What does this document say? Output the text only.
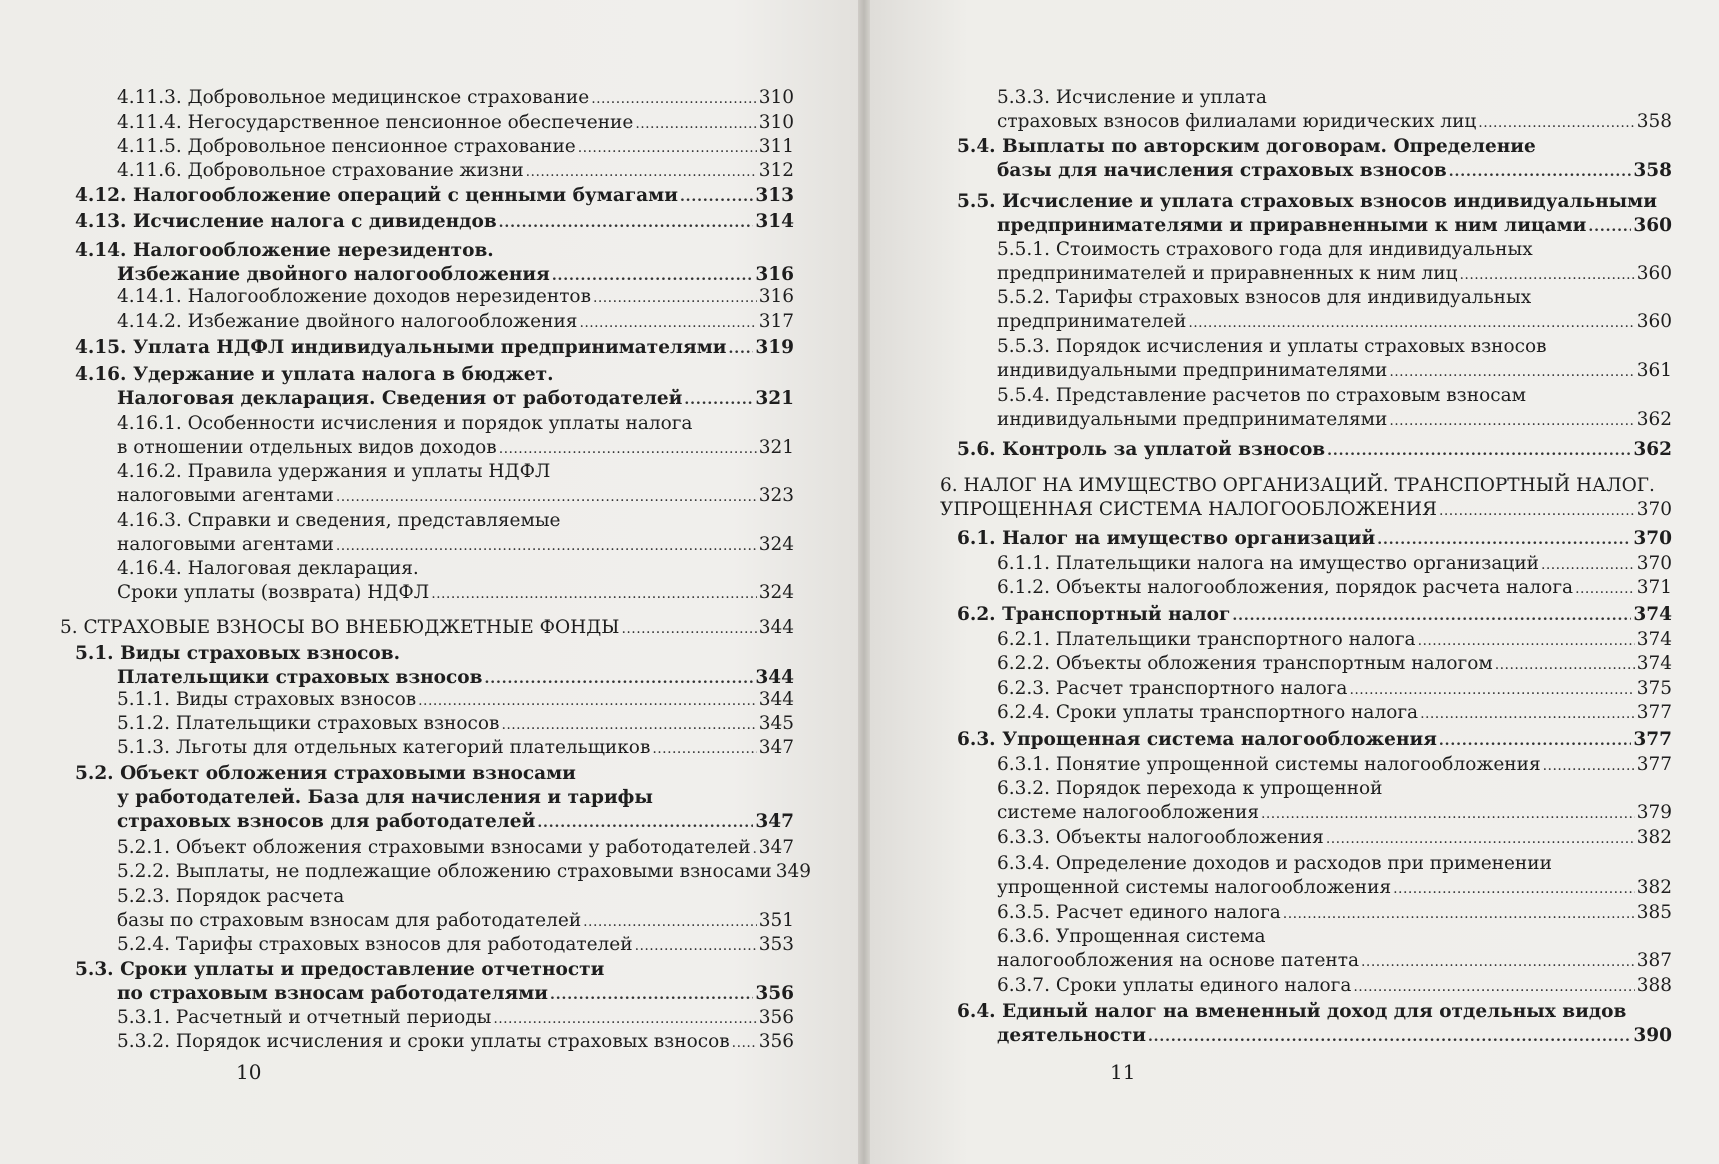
4.11.3. Добровольное медицинское страхование . . .	310
4.11.4. Негосударственное пенсионное обеспечение . . .	310
4.11.5. Добровольное пенсионное страхование . . .	311
4.11.6. Добровольное страхование жизни . . .	312
4.12. Налогообложение операций с ценными бумагами . . .	313
4.13. Исчисление налога с дивидендов . . .	314
4.14. Налогообложение нерезидентов.
Избежание двойного налогообложения . . .	316
4.14.1. Налогообложение доходов нерезидентов . . .	316
4.14.2. Избежание двойного налогообложения . . .	317
4.15. Уплата НДФЛ индивидуальными предпринимателями . . . 319
4.16. Удержание и уплата налога в бюджет.
Налоговая декларация. Сведения от работодателей . . .	321
4.16.1. Особенности исчисления и порядок уплаты налога
в отношении отдельных видов доходов . . .	321
4.16.2. Правила удержания и уплаты НДФЛ
налоговыми агентами . . .	323
4.16.3. Справки и сведения, представляемые
налоговыми агентами . . .	324
4.16.4. Налоговая декларация.
Сроки уплаты (возврата) НДФЛ . . .	324
5. СТРАХОВЫЕ ВЗНОСЫ ВО ВНЕБЮДЖЕТНЫЕ ФОНДЫ . . .	344
5.1. Виды страховых взносов.
Плательщики страховых взносов . . .	344
5.1.1. Виды страховых взносов . . .	344
5.1.2. Плательщики страховых взносов . . .	345
5.1.3. Льготы для отдельных категорий плательщиков . . .	347
5.2. Объект обложения страховыми взносами
у работодателей. База для начисления и тарифы
страховых взносов для работодателей . . .	347
5.2.1. Объект обложения страховыми взносами у работодателей . . . 347
5.2.2. Выплаты, не подлежащие обложению страховыми взносами 349
5.2.3. Порядок расчета
базы по страховым взносам для работодателей . . .	351
5.2.4. Тарифы страховых взносов для работодателей . . .	353
5.3. Сроки уплаты и предоставление отчетности
по страховым взносам работодателями . . .	356
5.3.1. Расчетный и отчетный периоды . . .	356
5.3.2. Порядок исчисления и сроки уплаты страховых взносов . . . 356
5.3.3. Исчисление и уплата
страховых взносов филиалами юридических лиц . . .	358
5.4. Выплаты по авторским договорам. Определение
базы для начисления страховых взносов . . .	358
5.5. Исчисление и уплата страховых взносов индивидуальными
предпринимателями и приравненными к ним лицами . . .	360
5.5.1. Стоимость страхового года для индивидуальных
предпринимателей и приравненных к ним лиц . . .	360
5.5.2. Тарифы страховых взносов для индивидуальных
предпринимателей . . .	360
5.5.3. Порядок исчисления и уплаты страховых взносов
индивидуальными предпринимателями . . .	361
5.5.4. Представление расчетов по страховым взносам
индивидуальными предпринимателями . . .	362
5.6. Контроль за уплатой взносов . . .	362
6. НАЛОГ НА ИМУЩЕСТВО ОРГАНИЗАЦИЙ. ТРАНСПОРТНЫЙ НАЛОГ.
УПРОЩЕННАЯ СИСТЕМА НАЛОГООБЛОЖЕНИЯ . . .	370
6.1. Налог на имущество организаций . . .	370
6.1.1. Плательщики налога на имущество организаций . . .	370
6.1.2. Объекты налогообложения, порядок расчета налога . . .	371
6.2. Транспортный налог . . .	374
6.2.1. Плательщики транспортного налога . . .	374
6.2.2. Объекты обложения транспортным налогом . . .	374
6.2.3. Расчет транспортного налога . . .	375
6.2.4. Сроки уплаты транспортного налога . . .	377
6.3. Упрощенная система налогообложения . . .	377
6.3.1. Понятие упрощенной системы налогообложения . . .	377
6.3.2. Порядок перехода к упрощенной
системе налогообложения . . .	379
6.3.3. Объекты налогообложения . . .	382
6.3.4. Определение доходов и расходов при применении
упрощенной системы налогообложения . . .	382
6.3.5. Расчет единого налога . . .	385
6.3.6. Упрощенная система
налогообложения на основе патента . . .	387
6.3.7. Сроки уплаты единого налога . . .	388
6.4. Единый налог на вмененный доход для отдельных видов
деятельности . . .	390
10	11
